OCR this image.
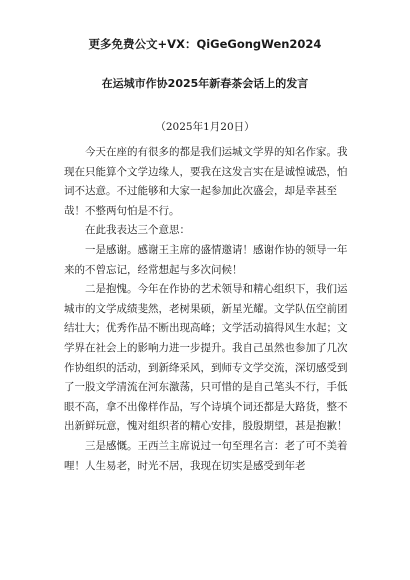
更多免费公文+VX：QiGeGongWen2024
在运城市作协2025年新春茶会话上的发言
（2025年1月20日）

今天在座的有很多的都是我们运城文学界的知名作家。我现在只能算个文学边缘人，要我在这发言实在是诚惶诚恐，怕词不达意。不过能够和大家一起参加此次盛会，却是幸甚至哉！不整两句怕是不行。

在此我表达三个意思：

一是感谢。感谢王主席的盛情邀请！感谢作协的领导一年来的不曾忘记，经常想起与多次问候！

二是抱愧。今年在作协的艺术领导和精心组织下，我们运城市的文学成绩斐然，老树果硕，新星光耀。文学队伍空前团结壮大；优秀作品不断出现高峰；文学活动搞得风生水起；文学界在社会上的影响力进一步提升。我自己虽然也参加了几次作协组织的活动，到新绛采风，到师专文学交流，深切感受到了一股文学清流在河东激荡，只可惜的是自己笔头不行，手低眼不高，拿不出像样作品，写个诗填个词还都是大路货，整不出新鲜玩意，愧对组织者的精心安排，殷殷期望，甚是抱歉！

三是感慨。王西兰主席说过一句至理名言：老了可不美着哩！人生易老，时光不居，我现在切实是感受到年老
